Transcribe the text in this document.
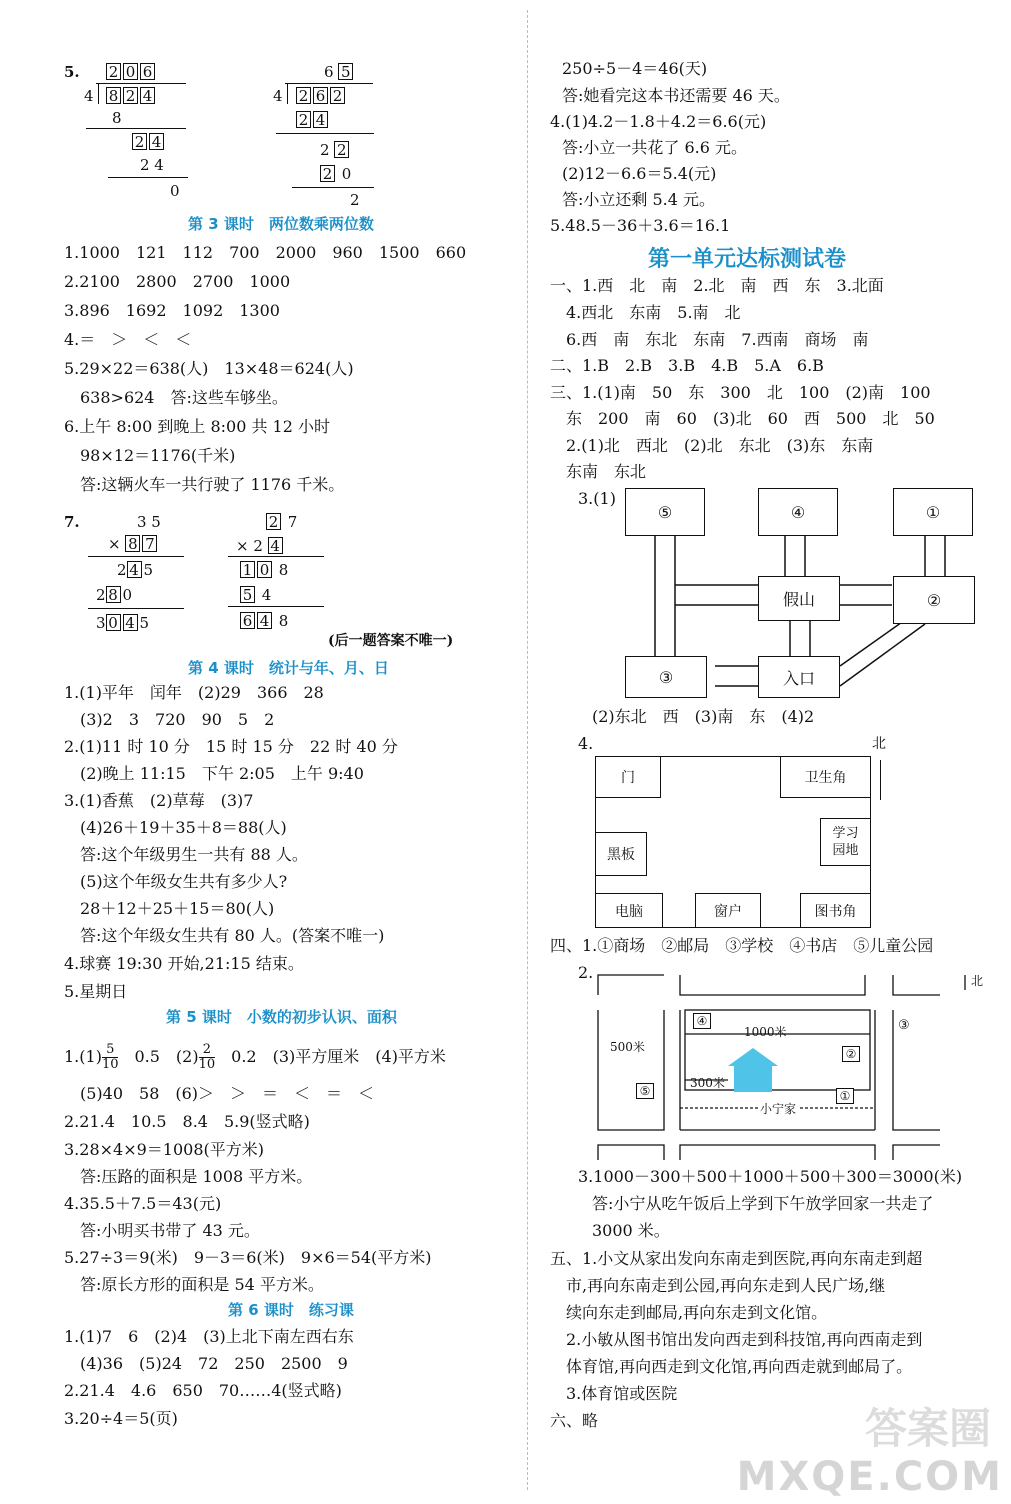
5. 2 0 6
4 8 2 4
8
2 4
2 4
0
6 5
4 2 6 2
2 4
2 2
2 0
2
第 3 课时　两位数乘两位数
1.1000　121　112　700　2000　960　1500　660
2.2100　2800　2700　1000
3.896　1692　1092　1300
4.＝　＞　＜　＜
5.29×22＝638(人)　13×48＝624(人)
　638>624　答:这些车够坐。
6.上午 8:00 到晚上 8:00 共 12 小时
　98×12＝1176(千米)
　答:这辆火车一共行驶了 1176 千米。
7.	3 5
× 8 7
2 4 5
2 8 0
3 0 4 5
2 7
× 2 4
1 0 8
5 4
6 4 8
(后一题答案不唯一)
第 4 课时　统计与年、月、日
1.(1)平年　闰年　(2)29　366　28
　(3)2　3　720　90　5　2
2.(1)11 时 10 分　15 时 15 分　22 时 40 分
　(2)晚上 11:15　下午 2:05　上午 9:40
3.(1)香蕉　(2)草莓　(3)7
　(4)26＋19＋35＋8＝88(人)
　答:这个年级男生一共有 88 人。
　(5)这个年级女生共有多少人?
　28＋12＋25＋15＝80(人)
　答:这个年级女生共有 80 人。(答案不唯一)
4.球赛 19:30 开始,21:15 结束。
5.星期日
第 5 课时　小数的初步认识、面积
$1.(1) \frac{5}{10}$ 　0.5　$(2) \frac{2}{10}$ 　0.2　(3)平方厘米　(4)平方米
　(5)40　58　(6)＞　＞　＝　＜　＝　＜
2.21.4　10.5　8.4　5.9(竖式略)
3.28×4×9＝1008(平方米)
　答:压路的面积是 1008 平方米。
4.35.5＋7.5＝43(元)
　答:小明买书带了 43 元。
5.27÷3＝9(米)　9－3＝6(米)　9×6＝54(平方米)
　答:原长方形的面积是 54 平方米。
第 6 课时　练习课
1.(1)7　6　(2)4　(3)上北下南左西右东
　(4)36　(5)24　72　250　2500　9
2.21.4　4.6　650　70……4(竖式略)
3.20÷4＝5(页)
250÷5－4＝46(天)
答:她看完这本书还需要 46 天。
4.(1)4.2－1.8＋4.2＝6.6(元)
答:小立一共花了 6.6 元。
(2)12－6.6＝5.4(元)
答:小立还剩 5.4 元。
5.48.5－36＋3.6＝16.1
第一单元达标测试卷
一、1.西　北　南　2.北　南　西　东　3.北面
　4.西北　东南　5.南　北
　6.西　南　东北　东南　7.西南　商场　南
二、1.B　2.B　3.B　4.B　5.A　6.B
三、1.(1)南　50　东　300　北　100　(2)南　100
　东　200　南　60　(3)北　60　西　500　北　50
　2.(1)北　西北　(2)北　东北　(3)东　东南
　东南　东北
3.(1)
⑤	④	①
假山	②
③	入口
(2)东北　西　(3)南　东　(4)2
4.
门	卫生角
学习
园地
黑板
电脑	窗户	图书角
北
四、1.①商场　②邮局　③学校　④书店　⑤儿童公园
2.	北
④
1000米
②
①
③
500米
⑤
300米
小宁家
3.1000－300＋500＋1000＋500＋300＝3000(米)
答:小宁从吃午饭后上学到下午放学回家一共走了
3000 米。
五、1.小文从家出发向东南走到医院,再向东南走到超
　市,再向东南走到公园,再向东走到人民广场,继
　续向东走到邮局,再向东走到文化馆。
　2.小敏从图书馆出发向西走到科技馆,再向西南走到
　体育馆,再向西走到文化馆,再向西走就到邮局了。
　3.体育馆或医院
六、略	答案圈
MXQE.COM
